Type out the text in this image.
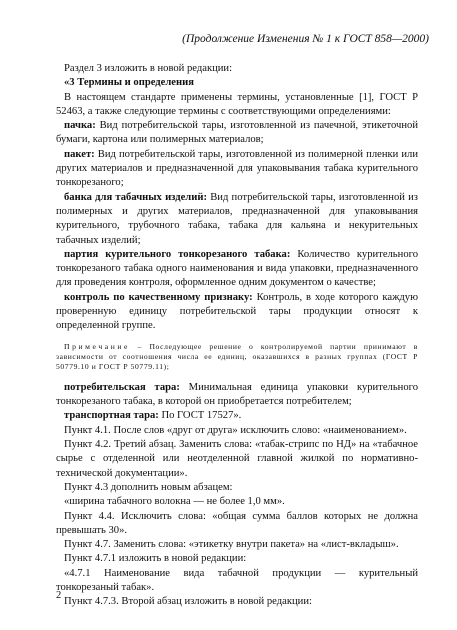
(Продолжение Изменения № 1 к ГОСТ 858—2000)

Раздел 3 изложить в новой редакции:

«3 Термины и определения

В настоящем стандарте применены термины, установленные [1], ГОСТ Р 52463, а также следующие термины с соответствующими определениями:

пачка: Вид потребительской тары, изготовленной из пачечной, этикеточной бумаги, картона или полимерных материалов;

пакет: Вид потребительской тары, изготовленной из полимерной пленки или других материалов и предназначенной для упаковывания табака курительного тонкорезаного;

банка для табачных изделий: Вид потребительской тары, изготовленной из полимерных и других материалов, предназначенной для упаковывания курительного, трубочного табака, табака для кальяна и некурительных табачных изделий;

партия курительного тонкорезаного табака: Количество курительного тонкорезаного табака одного наименования и вида упаковки, предназначенного для проведения контроля, оформленное одним документом о качестве;

контроль по качественному признаку: Контроль, в ходе которого каждую проверенную единицу потребительской тары продукции относят к определенной группе.

Примечание – Последующее решение о контролируемой партии принимают в зависимости от соотношения числа ее единиц, оказавшихся в разных группах (ГОСТ Р 50779.10 и ГОСТ Р 50779.11);

потребительская тара: Минимальная единица упаковки курительного тонкорезаного табака, в которой он приобретается потребителем;

транспортная тара: По ГОСТ 17527».

Пункт 4.1. После слов «друг от друга» исключить слово: «наименованием».

Пункт 4.2. Третий абзац. Заменить слова: «табак-стрипс по НД» на «табачное сырье с отделенной или неотделенной главной жилкой по нормативно-технической документации».

Пункт 4.3 дополнить новым абзацем:

«ширина табачного волокна — не более 1,0 мм».

Пункт 4.4. Исключить слова: «общая сумма баллов которых не должна превышать 30».

Пункт 4.7. Заменить слова: «этикетку внутри пакета» на «лист-вкладыш».

Пункт 4.7.1 изложить в новой редакции:

«4.7.1 Наименование вида табачной продукции — курительный тонкорезаный табак».

Пункт 4.7.3. Второй абзац изложить в новой редакции:

2
